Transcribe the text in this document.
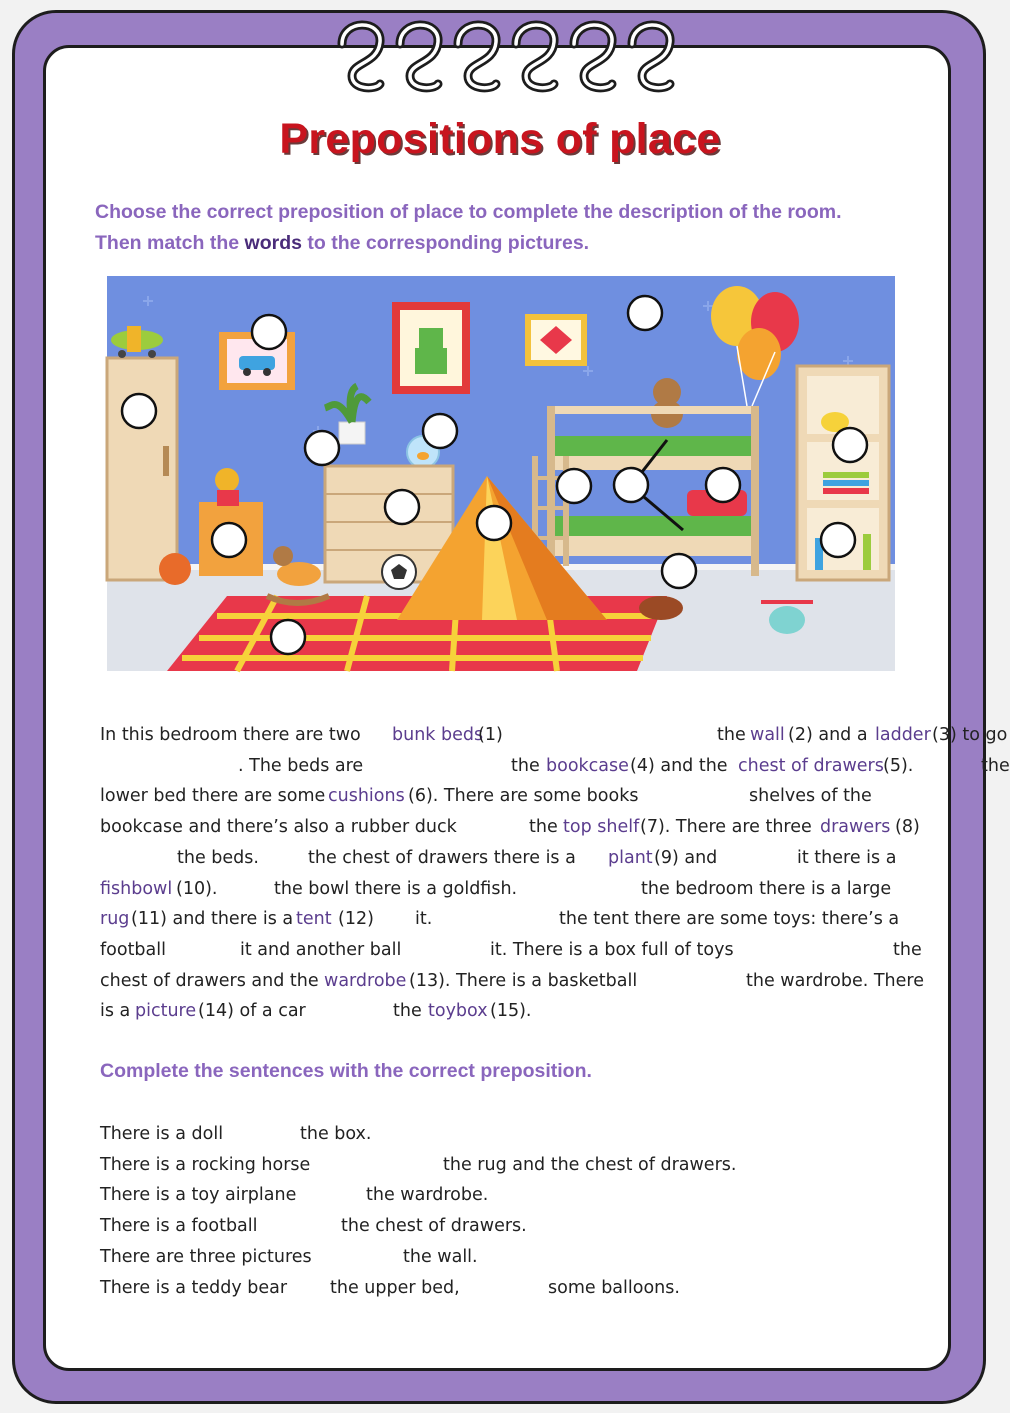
Prepositions of place

Choose the correct preposition of place to complete the description of the room.
Then match the words to the corresponding pictures.

In this bedroom there are two bunk beds
(1)	the wall (2) and a ladder (3) to go
. The beds are	the bookcase (4) and the chest of drawers (5).	the
lower bed there are some cushions (6). There are some books	shelves of the
bookcase and there’s also a rubber duck	the top shelf (7). There are three drawers (8)
the beds.	the chest of drawers there is a plant (9) and	it there is a
fishbowl (10).	the bowl there is a goldfish.	the bedroom there is a large
rug (11) and there is a tent (12) it.	the tent there are some toys: there’s a
football	it and another ball	it. There is a box full of toys	the
chest of drawers and the wardrobe (13). There is a basketball	the wardrobe. There
is a picture (14) of a car	the toybox (15).
Complete the sentences with the correct preposition.
There is a doll	the box.
There is a rocking horse	the rug and the chest of drawers.
There is a toy airplane	the wardrobe.
There is a football	the chest of drawers.
There are three pictures	the wall.
There is a teddy bear the upper bed,	some balloons.
